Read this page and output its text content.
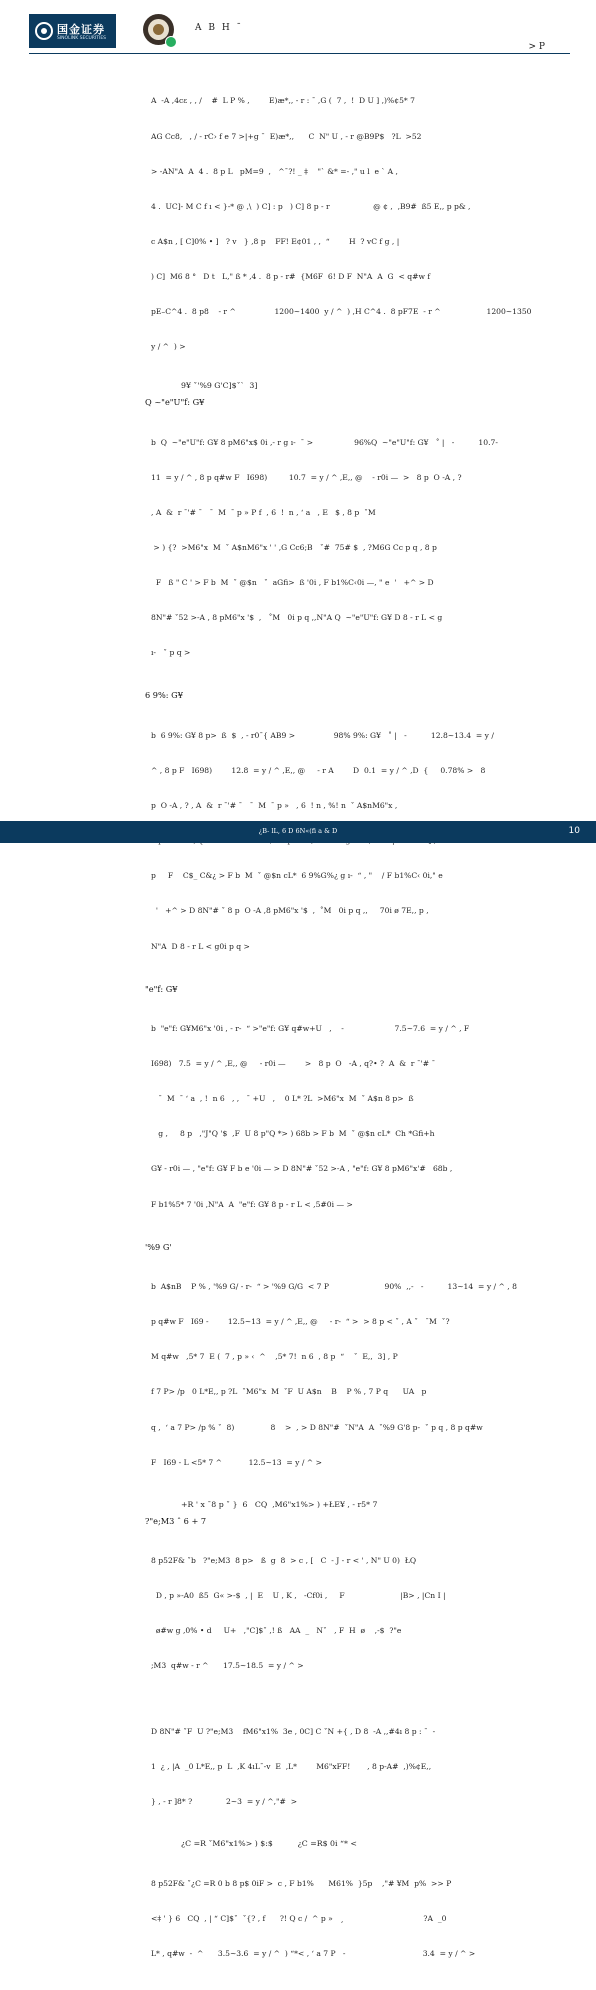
国金证券
SINOLINK SECURITIES
A B H ˉ
> P

A  -A ,4cε , , /    #  L P % ,        E)æ*,, - r : ˉ ,G (  7 ,  !  D U ] ,)%¢5* 7

AG Cc8,   , / - rC› f e 7 >|+g ˉ  E)æ*,,      C  N" U , - r @B9P$   ?L  >52

> -AN"A  A  4 .  8 p L   pM=9  ,   ^ˉ?! _ ‡    "` &* =- ," u l  e ` A ,

4 .  UC]- M C f ı < }-* @ ,\  ) C] : p   ) C] 8 p - r                  @ ¢ ,  ,B9#  ß5 E,, p p& ,

c A$n , [ C]0% • ]   ? v   } ,8 p    FF! E¢01 , ,  “        H  ? vC f g , |

) C]  M6 8 °   D t   L," ß * ,4 .  8 p - r#  {M6F  6! D F  N"A  A  G  < q#w f

pE–C^4 .  8 p8    - r ^                1200~1400  y / ^  ) ,H C^4 .  8 pF7E  - r ^                   1200~1350

y / ^  ) >

9¥ ˇ'%9 G'C]$ˇ`  3]
Q ~"e"U"f: G¥

b  Q  ~"e"U"f: G¥ 8 pM6"x$ 0i ,- r g ı-  ˉ >                 96%Q  ~"e"U"f: G¥   ˚ |   -          10.7-

11  = y / ^ , 8 p q#w F   Ι698)         10.7  = y / ^ ,E,, @    - r0i —  >   8 p  O -A , ?

, A  &  r ˉ'# ˉ   ˉ  M  ˉ p » P f  , 6  !  n , ‘ a   , E   $ , 8 p  ˇM

> ) {?  >M6"x  M  ˇ A$nM6"x ' ' ,G Cc6;B   ˇ#  75# $  , ?M6G Cc p q , 8 p

F   ß " C ' > F b  M  ˇ @$n   ˇ  aGfi>  ß '0i , F b1%C‹0i —, " e  '   +^ > D

8N"# ˇ52 >-A , 8 pM6"x '$  ,   ˚M   0i p q ,,N"A Q  ~"e"U"f: G¥ D 8 - r L < g

ı-   ˇ p q >

6 9%: G¥

b  6 9%: G¥ 8 p>  ß  $  , - r0ˉ{ AB9 >                98% 9%: G¥   ˚ |   -          12.8~13.4  = y /

^ , 8 p F   Ι698)        12.8  = y / ^ ,E,, @     - r A        D  0.1  = y / ^ ,D  {     0.78% >   8

p  O -A , ? , A  &  r ˉ'# ˉ   ˉ  M  ˉ p »   , 6  ! n , %! n  ˇ A$nM6"x ,

p     F    C$_ C&¿ > F b  M  ˇ @$n cL*  6 9%G%¿ g ı-  “ , "    / F b1%C‹ 0i," e

'   +^ > D 8N"# ˇ 8 p  O -A ,8 pM6"x '$  ,  ˚M   0i p q ,,     70i ø 7E,, p ,

N"A  D 8 - r L < g0i p q >

"e"f: G¥

b  "e"f: G¥M6"x '0i , - r-  “ >"e"f: G¥ q#w+U   ,    -                     7.5~7.6  = y / ^ , F

Ι698)   7.5  = y / ^ ,E,, @     - r0i —        >   8 p  O   -A , q?• ?  A  &  r ˉ'# ˉ

ˉ  M  ˉ ‘ a  , !  n 6   , ,   ˉ +U   ,    0 L* ?L  >M6"x  M  ˇ A$n 8 p>  ß

g ,     8 p   ,"J"Q '$  ,F  U 8 p"Q *> ) 68b > F b  M  ˇ @$n cL*  Ch *Gfi+h

G¥ - r0i — , "e"f: G¥ F b e '0i — > D 8N"# ˇ52 >-A , "e"f: G¥ 8 pM6"x'#   68b ,

F b1%5* 7 '0i ,N"A  A  "e"f: G¥ 8 p - r L < ,5#0i — >

'%9 G'

b  A$nB    P % , '%9 G/ - r-  “ > '%9 G/G  < 7 P                       90%  ,,-   -          13~14  = y / ^ , 8

p q#w F   Ι69 -        12.5~13  = y / ^ ,E,, @     - r-  “ >  > 8 p < ˇ , A ˇ   ˉM  ˇ?

M q#w   ,5* 7  E (  7 , p » ‹  ^    ,5* 7!  n 6  , 8 p  “    ˇ  E,,  3] , P

f 7 P> /p   0 L*E,, p ?L  ˇM6"x  M  ˇF  U A$n    B    P % , 7 P q      UA   p

q ,  ‘ a 7 P> /p % ˇ  8)               8    >  , > D 8N"#  ˇN"A  A  ˇ%9 G'8 p-  ˇ p q , 8 p q#w

F   Ι69 - L <5* 7 ^           12.5~13  = y / ^ >

+R ' x ˉ8 p ˇ }  6   CQ  ,M6"x1%> ) +ŁE¥ , - r5* 7
?"e;M3 ˆ 6 + 7

8 p52F& ˇb   ?"e;M3  8 p>   ß  g  8  > c , [   C  - J - r < ' , N" U 0)  ŁQ

D , p »-A0  ß5  G« >-$  , |  E    U , K ,   -Cf0i ,     F                       |B> , |Cn I |

ø#w g ,0% • d     U+   ,"C]$ˇ ,! ß   AA  _   Nˇ   , F  H  ø    ,-$  ?"e

;M3  q#w - r ^      17.5~18.5  = y / ^ >

D 8N"# ˇF  U ?"e;M3    fM6"x1%  3e , 0C] C ˇN +{ , D 8  -A ,,#4ı 8 p : ˉ  -

1  ¿ , |A  _0 L*E,, p  L  ,K 4ıLˉ-v  E  ,L*        M6"xFF!       , 8 p-A#  ,)%¢E,,

} , - r ]8* ?              2~3  = y / ^,"#  >

¿C =R ˇM6"x1%> ) $:$          ¿C =R$ 0i “* <

8 p52F& ˇ¿C =R 0 b 8 p$ 0iF >  c , F b1%      M61%  }5p    ,"# ¥M  p%  >> P

<‡ ' } 6   CQ  , | “ C]$ˇ  ˇ{? , f      ?! Q c /  ^ p »   ¸                                 ?A  _0

L* , q#w  -  ^      3.5~3.6  = y / ^  ) “*< , ‘ a 7 P   -                                3.4  = y / ^ >

¿B- lL, 6 D 6N«(fi a & D	10
